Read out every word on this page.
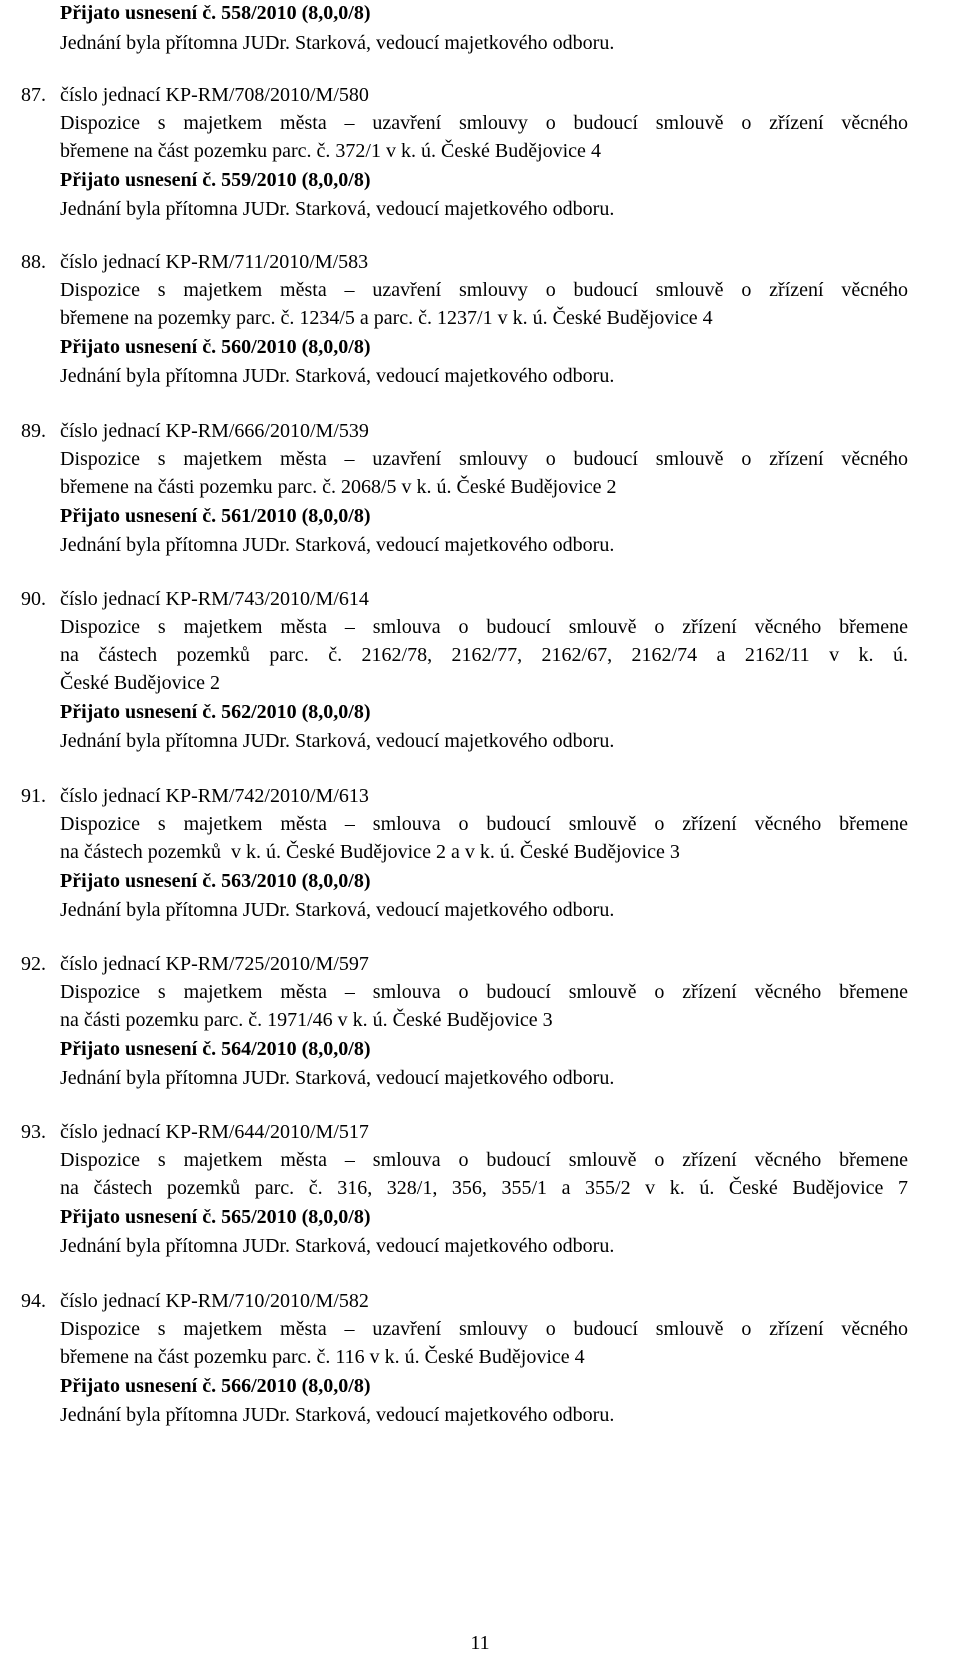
Přijato usnesení č. 558/2010 (8,0,0/8)
Jednání byla přítomna JUDr. Starková, vedoucí majetkového odboru.
87. číslo jednací KP-RM/708/2010/M/580
Dispozice s majetkem města – uzavření smlouvy o budoucí smlouvě o zřízení věcného
břemene na část pozemku parc. č. 372/1 v k. ú. České Budějovice 4
Přijato usnesení č. 559/2010 (8,0,0/8)
Jednání byla přítomna JUDr. Starková, vedoucí majetkového odboru.
88. číslo jednací KP-RM/711/2010/M/583
Dispozice s majetkem města – uzavření smlouvy o budoucí smlouvě o zřízení věcného
břemene na pozemky parc. č. 1234/5 a parc. č. 1237/1 v k. ú. České Budějovice 4
Přijato usnesení č. 560/2010 (8,0,0/8)
Jednání byla přítomna JUDr. Starková, vedoucí majetkového odboru.
89. číslo jednací KP-RM/666/2010/M/539
Dispozice s majetkem města – uzavření smlouvy o budoucí smlouvě o zřízení věcného
břemene na části pozemku parc. č. 2068/5 v k. ú. České Budějovice 2
Přijato usnesení č. 561/2010 (8,0,0/8)
Jednání byla přítomna JUDr. Starková, vedoucí majetkového odboru.
90. číslo jednací KP-RM/743/2010/M/614
Dispozice s majetkem města – smlouva o budoucí smlouvě o zřízení věcného břemene
na částech pozemků parc. č. 2162/78, 2162/77, 2162/67, 2162/74 a 2162/11 v k. ú.
České Budějovice 2
Přijato usnesení č. 562/2010 (8,0,0/8)
Jednání byla přítomna JUDr. Starková, vedoucí majetkového odboru.
91. číslo jednací KP-RM/742/2010/M/613
Dispozice s majetkem města – smlouva o budoucí smlouvě o zřízení věcného břemene
na částech pozemků  v k. ú. České Budějovice 2 a v k. ú. České Budějovice 3
Přijato usnesení č. 563/2010 (8,0,0/8)
Jednání byla přítomna JUDr. Starková, vedoucí majetkového odboru.
92. číslo jednací KP-RM/725/2010/M/597
Dispozice s majetkem města – smlouva o budoucí smlouvě o zřízení věcného břemene
na části pozemku parc. č. 1971/46 v k. ú. České Budějovice 3
Přijato usnesení č. 564/2010 (8,0,0/8)
Jednání byla přítomna JUDr. Starková, vedoucí majetkového odboru.
93. číslo jednací KP-RM/644/2010/M/517
Dispozice s majetkem města – smlouva o budoucí smlouvě o zřízení věcného břemene
na částech pozemků parc. č. 316, 328/1, 356, 355/1 a 355/2 v k. ú. České Budějovice 7
Přijato usnesení č. 565/2010 (8,0,0/8)
Jednání byla přítomna JUDr. Starková, vedoucí majetkového odboru.
94. číslo jednací KP-RM/710/2010/M/582
Dispozice s majetkem města – uzavření smlouvy o budoucí smlouvě o zřízení věcného
břemene na část pozemku parc. č. 116 v k. ú. České Budějovice 4
Přijato usnesení č. 566/2010 (8,0,0/8)
Jednání byla přítomna JUDr. Starková, vedoucí majetkového odboru.
11
